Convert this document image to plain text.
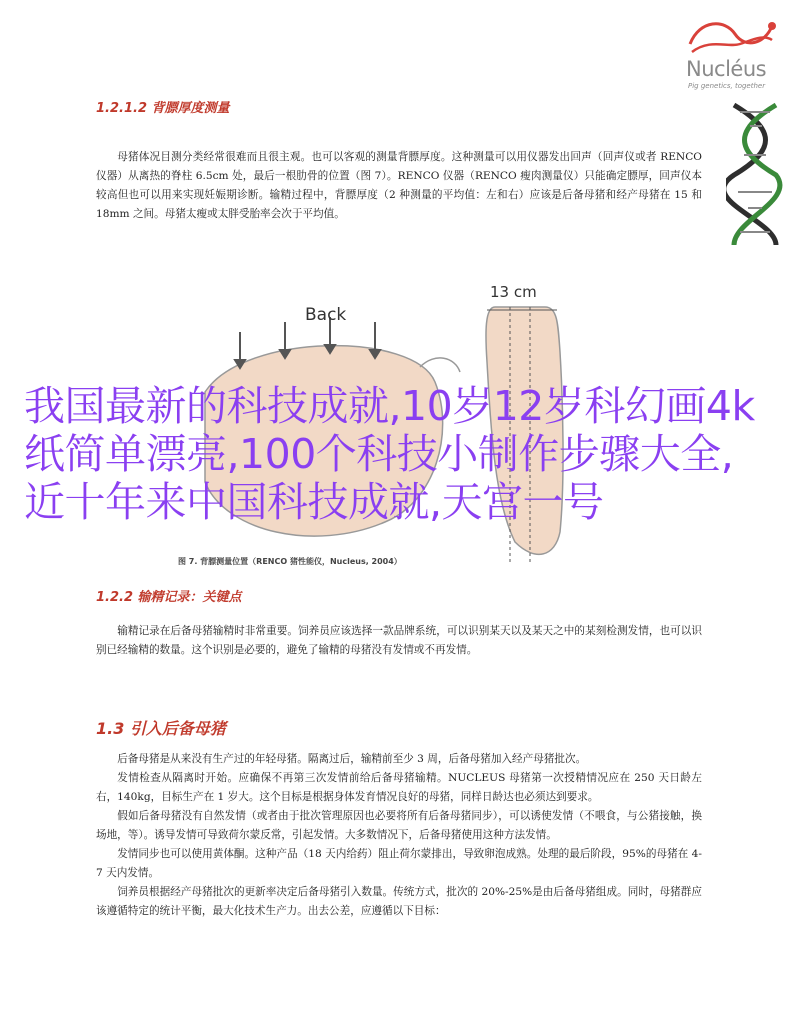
Nucléus
Pig genetics, together
1.2.1.2 背膘厚度测量

母猪体况目测分类经常很难而且很主观。也可以客观的测量背膘厚度。这种测量可以用仪器发出回声（回声仪或者 RENCO 仪器）从离热的脊柱 6.5cm 处，最后一根肋骨的位置（图 7）。RENCO 仪器（RENCO 瘦肉测量仪）只能确定膘厚，回声仪本较高但也可以用来实现妊娠期诊断。输精过程中，背膘厚度（2 种测量的平均值：左和右）应该是后备母猪和经产母猪在 15 和 18mm 之间。母猪太瘦或太胖受胎率会次于平均值。

Back
13 cm
图 7. 背膘测量位置（RENCO 猪性能仪，Nucleus, 2004）
1.2.2 输精记录：关键点

输精记录在后备母猪输精时非常重要。饲养员应该选择一款品牌系统，可以识别某天以及某天之中的某刻检测发情，也可以识别已经输精的数量。这个识别是必要的，避免了输精的母猪没有发情或不再发情。

1.3 引入后备母猪

后备母猪是从来没有生产过的年轻母猪。隔离过后，输精前至少 3 周，后备母猪加入经产母猪批次。

发情检查从隔离时开始。应确保不再第三次发情前给后备母猪输精。NUCLEUS 母猪第一次授精情况应在 250 天日龄左右，140kg，目标生产在 1 岁大。这个目标是根据身体发育情况良好的母猪，同样日龄达也必须达到要求。

假如后备母猪没有自然发情（或者由于批次管理原因也必要将所有后备母猪同步），可以诱使发情（不喂食，与公猪接触，换场地，等）。诱导发情可导致荷尔蒙反常，引起发情。大多数情况下，后备母猪使用这种方法发情。

发情同步也可以使用黄体酮。这种产品（18 天内给药）阻止荷尔蒙排出，导致卵泡成熟。处理的最后阶段，95%的母猪在 4-7 天内发情。

饲养员根据经产母猪批次的更新率决定后备母猪引入数量。传统方式，批次的 20%-25%是由后备母猪组成。同时，母猪群应该遵循特定的统计平衡，最大化技术生产力。出去公差，应遵循以下目标：

我国最新的科技成就,10岁12岁科幻画4k纸简单漂亮,100个科技小制作步骤大全,近十年来中国科技成就,天宫一号
